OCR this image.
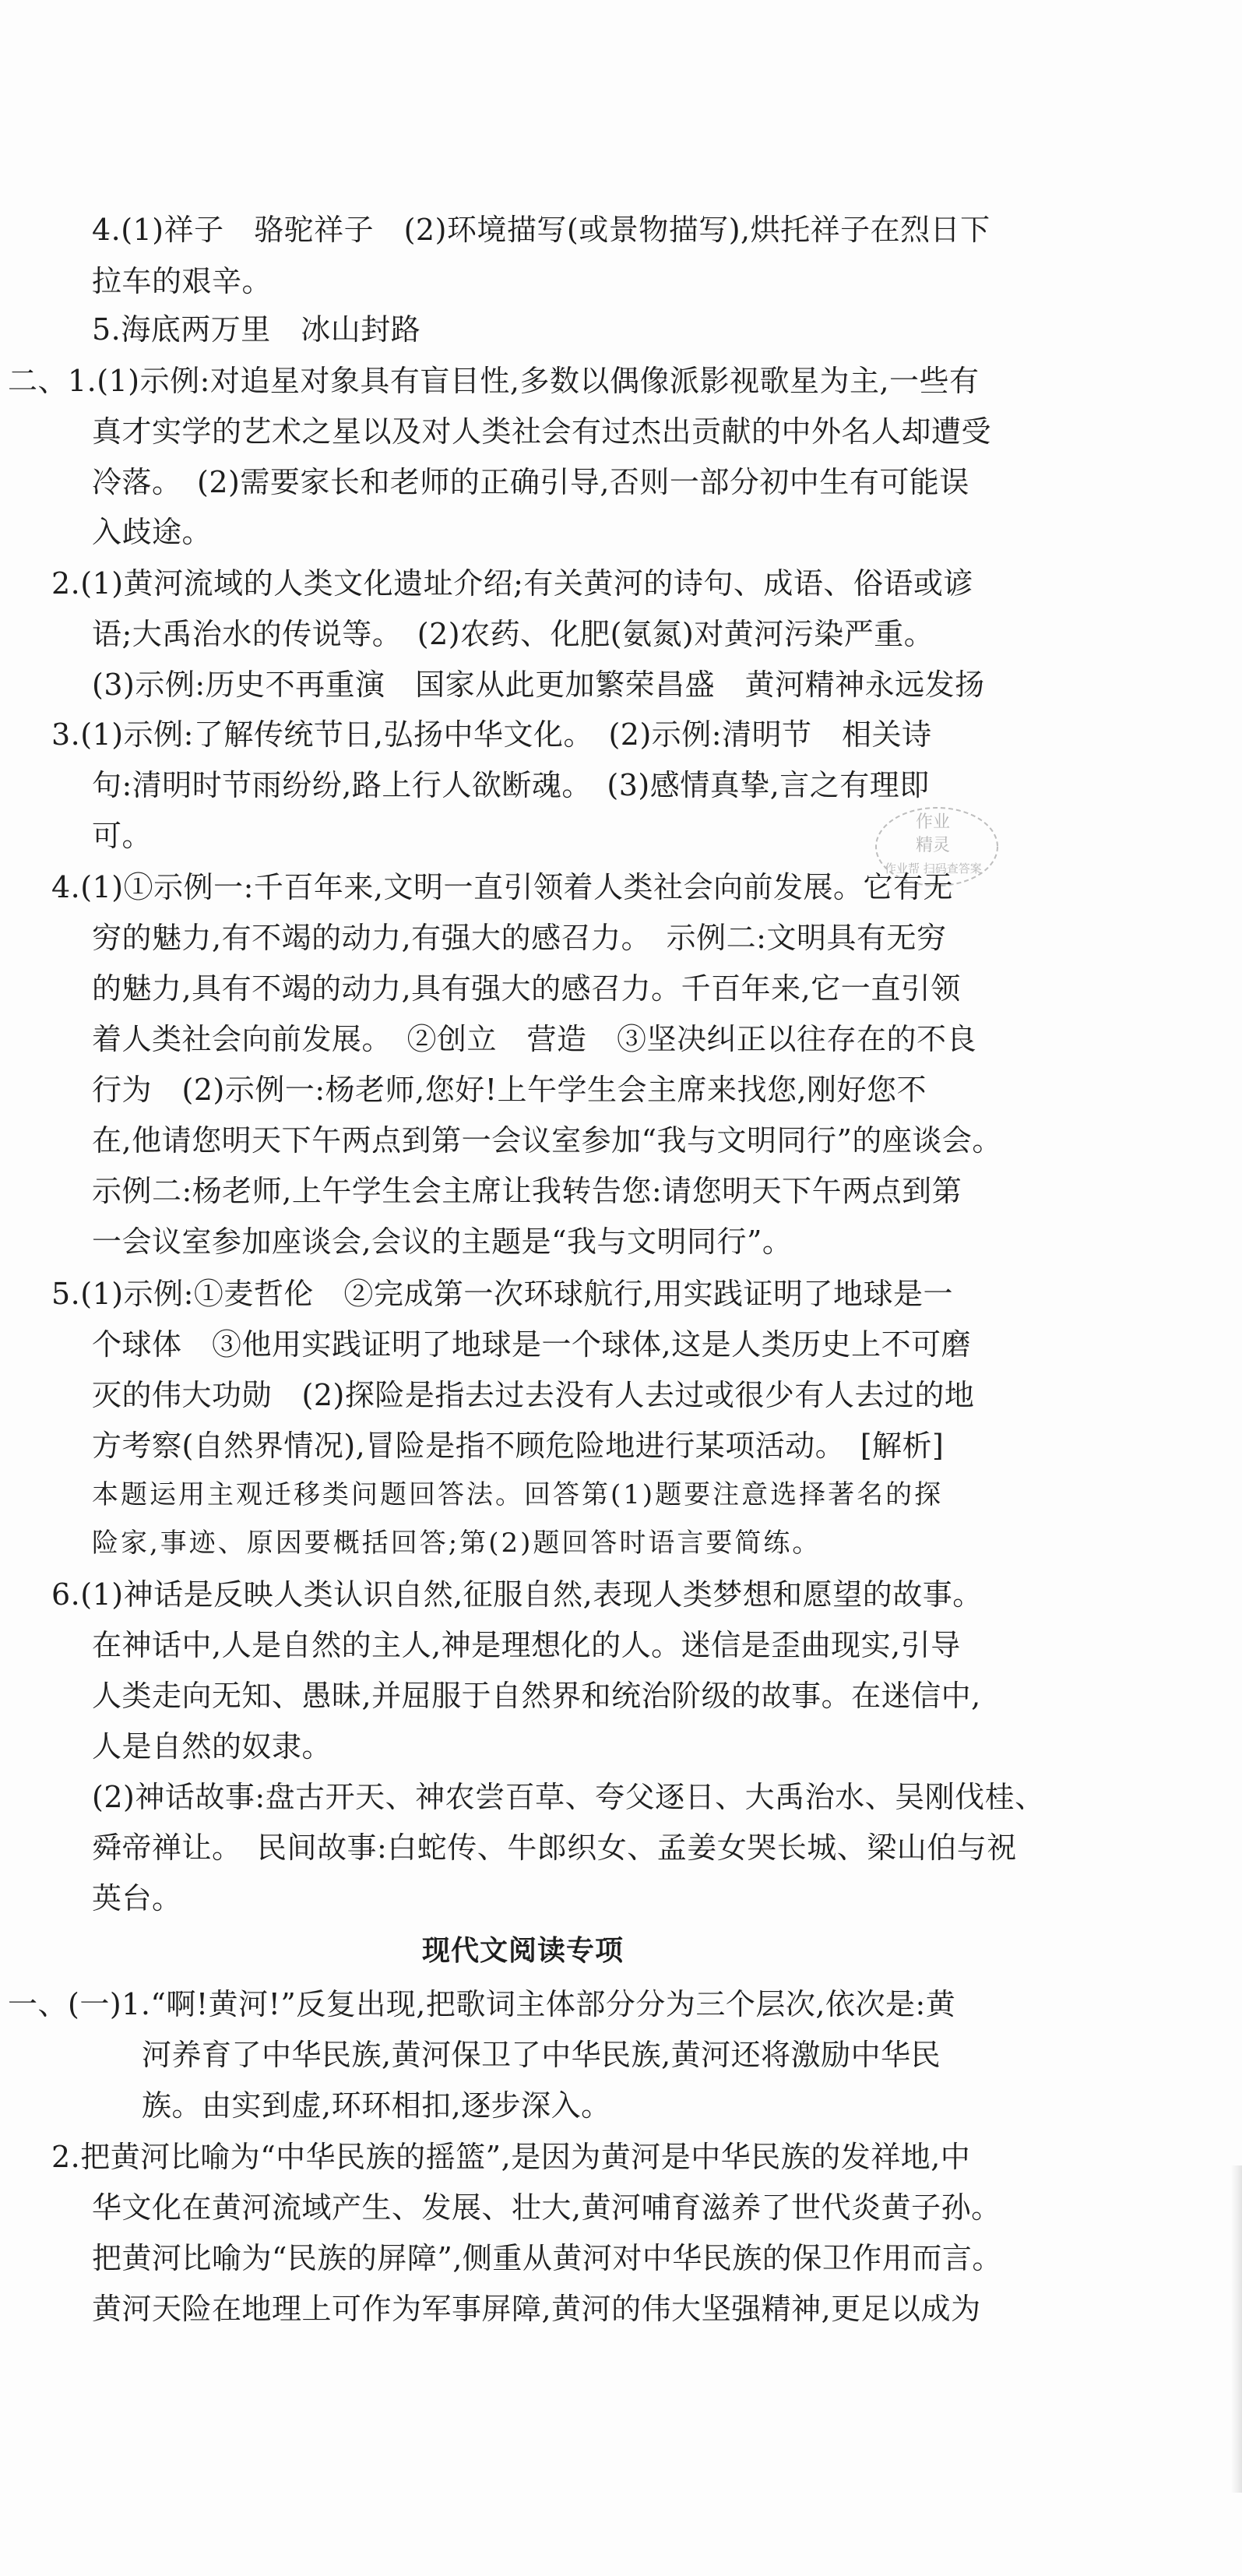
4.(1)祥子　骆驼祥子　(2)环境描写(或景物描写),烘托祥子在烈日下
拉车的艰辛。
5.海底两万里　冰山封路
二、1.(1)示例:对追星对象具有盲目性,多数以偶像派影视歌星为主,一些有
真才实学的艺术之星以及对人类社会有过杰出贡献的中外名人却遭受
冷落。　(2)需要家长和老师的正确引导,否则一部分初中生有可能误
入歧途。
2.(1)黄河流域的人类文化遗址介绍;有关黄河的诗句、成语、俗语或谚
语;大禹治水的传说等。　(2)农药、化肥(氨氮)对黄河污染严重。
(3)示例:历史不再重演　国家从此更加繁荣昌盛　黄河精神永远发扬
3.(1)示例:了解传统节日,弘扬中华文化。　(2)示例:清明节　相关诗
句:清明时节雨纷纷,路上行人欲断魂。　(3)感情真挚,言之有理即
可。
4.(1)①示例一:千百年来,文明一直引领着人类社会向前发展。它有无
穷的魅力,有不竭的动力,有强大的感召力。　示例二:文明具有无穷
的魅力,具有不竭的动力,具有强大的感召力。千百年来,它一直引领
着人类社会向前发展。　②创立　营造　③坚决纠正以往存在的不良
行为　(2)示例一:杨老师,您好!上午学生会主席来找您,刚好您不
在,他请您明天下午两点到第一会议室参加“我与文明同行”的座谈会。
示例二:杨老师,上午学生会主席让我转告您:请您明天下午两点到第
一会议室参加座谈会,会议的主题是“我与文明同行”。
5.(1)示例:①麦哲伦　②完成第一次环球航行,用实践证明了地球是一
个球体　③他用实践证明了地球是一个球体,这是人类历史上不可磨
灭的伟大功勋　(2)探险是指去过去没有人去过或很少有人去过的地
方考察(自然界情况),冒险是指不顾危险地进行某项活动。　[解析]
本题运用主观迁移类问题回答法。回答第(1)题要注意选择著名的探
险家,事迹、原因要概括回答;第(2)题回答时语言要简练。
6.(1)神话是反映人类认识自然,征服自然,表现人类梦想和愿望的故事。
在神话中,人是自然的主人,神是理想化的人。迷信是歪曲现实,引导
人类走向无知、愚昧,并屈服于自然界和统治阶级的故事。在迷信中,
人是自然的奴隶。
(2)神话故事:盘古开天、神农尝百草、夸父逐日、大禹治水、吴刚伐桂、
舜帝禅让。　民间故事:白蛇传、牛郎织女、孟姜女哭长城、梁山伯与祝
英台。
现代文阅读专项
一、(一)1.“啊!黄河!”反复出现,把歌词主体部分分为三个层次,依次是:黄
河养育了中华民族,黄河保卫了中华民族,黄河还将激励中华民
族。由实到虚,环环相扣,逐步深入。
2.把黄河比喻为“中华民族的摇篮”,是因为黄河是中华民族的发祥地,中
华文化在黄河流域产生、发展、壮大,黄河哺育滋养了世代炎黄子孙。
把黄河比喻为“民族的屏障”,侧重从黄河对中华民族的保卫作用而言。
黄河天险在地理上可作为军事屏障,黄河的伟大坚强精神,更足以成为
作业
精灵
作业帮 扫码查答案
